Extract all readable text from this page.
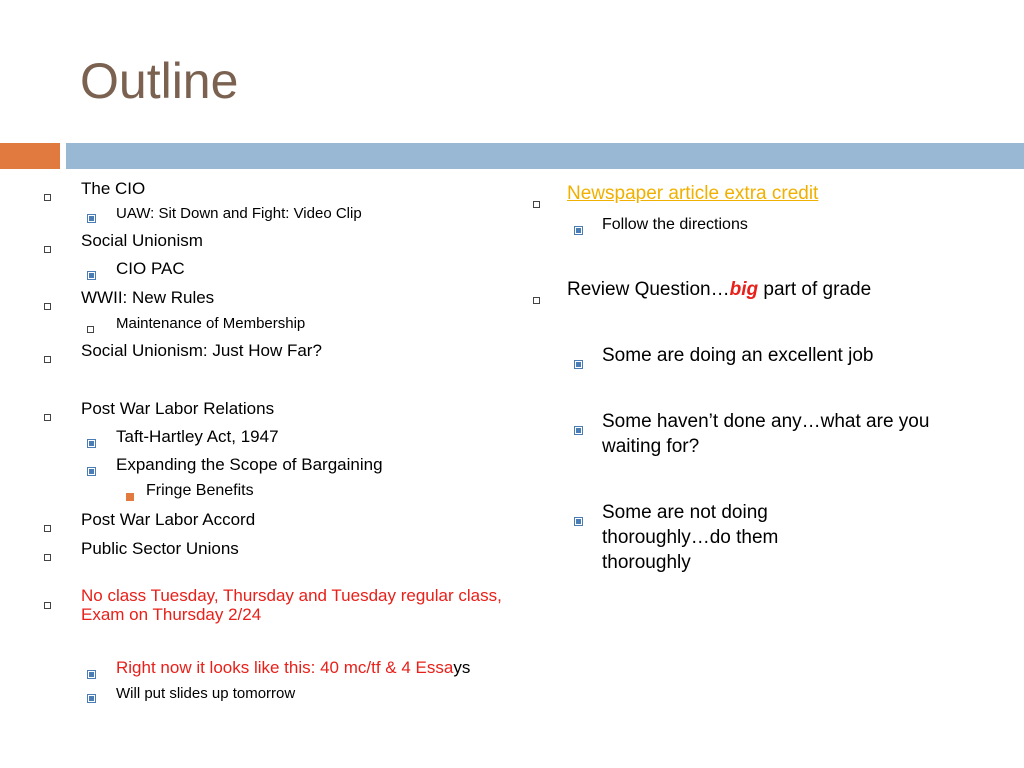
Outline
The CIO
UAW: Sit Down and Fight: Video Clip
Social Unionism
CIO PAC
WWII: New Rules
Maintenance of Membership
Social Unionism: Just How Far?
Post War Labor Relations
Taft-Hartley Act, 1947
Expanding the Scope of Bargaining
Fringe Benefits
Post War Labor Accord
Public Sector Unions
No class Tuesday, Thursday and Tuesday regular class, Exam on Thursday 2/24
Right now it looks like this: 40 mc/tf & 4 Essays
Will put slides up tomorrow
Newspaper article extra credit
Follow the directions
Review Question…big part of grade
Some are doing an excellent job
Some haven’t done any…what are you waiting for?
Some are not doing thoroughly…do them thoroughly
